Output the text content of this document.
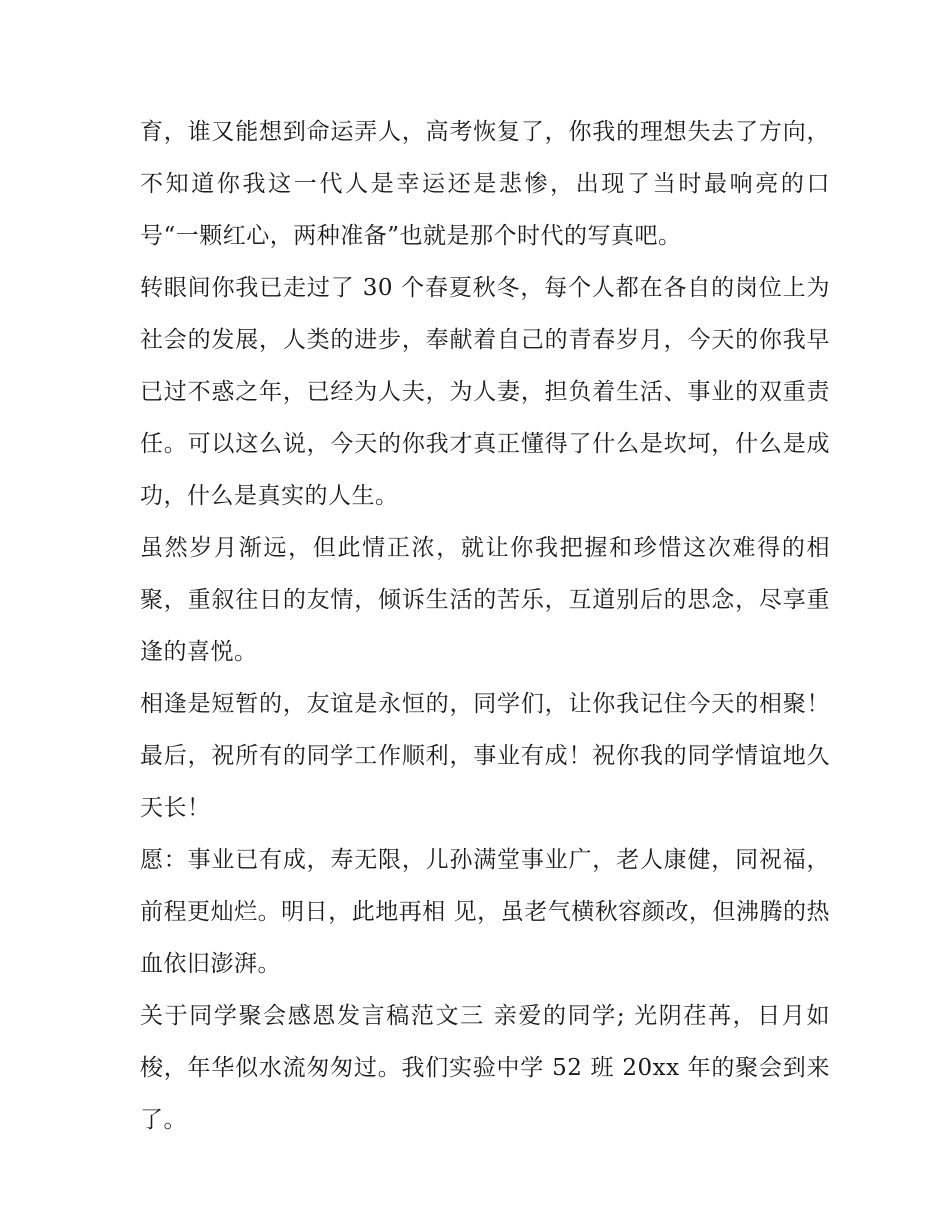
育，谁又能想到命运弄人，高考恢复了，你我的理想失去了方向，不知道你我这一代人是幸运还是悲惨，出现了当时最响亮的口号“一颗红心，两种准备”也就是那个时代的写真吧。

转眼间你我已走过了 30 个春夏秋冬，每个人都在各自的岗位上为社会的发展，人类的进步，奉献着自己的青春岁月，今天的你我早已过不惑之年，已经为人夫，为人妻，担负着生活、事业的双重责任。可以这么说，今天的你我才真正懂得了什么是坎坷，什么是成功，什么是真实的人生。

虽然岁月渐远，但此情正浓，就让你我把握和珍惜这次难得的相聚，重叙往日的友情，倾诉生活的苦乐，互道别后的思念，尽享重逢的喜悦。

相逢是短暂的，友谊是永恒的，同学们，让你我记住今天的相聚！ 最后，祝所有的同学工作顺利，事业有成！祝你我的同学情谊地久天长！

愿：事业已有成，寿无限，儿孙满堂事业广，老人康健，同祝福，前程更灿烂。明日，此地再相 见，虽老气横秋容颜改，但沸腾的热血依旧澎湃。

关于同学聚会感恩发言稿范文三 亲爱的同学; 光阴荏苒，日月如梭，年华似水流匆匆过。我们实验中学 52 班 20xx 年的聚会到来了。
